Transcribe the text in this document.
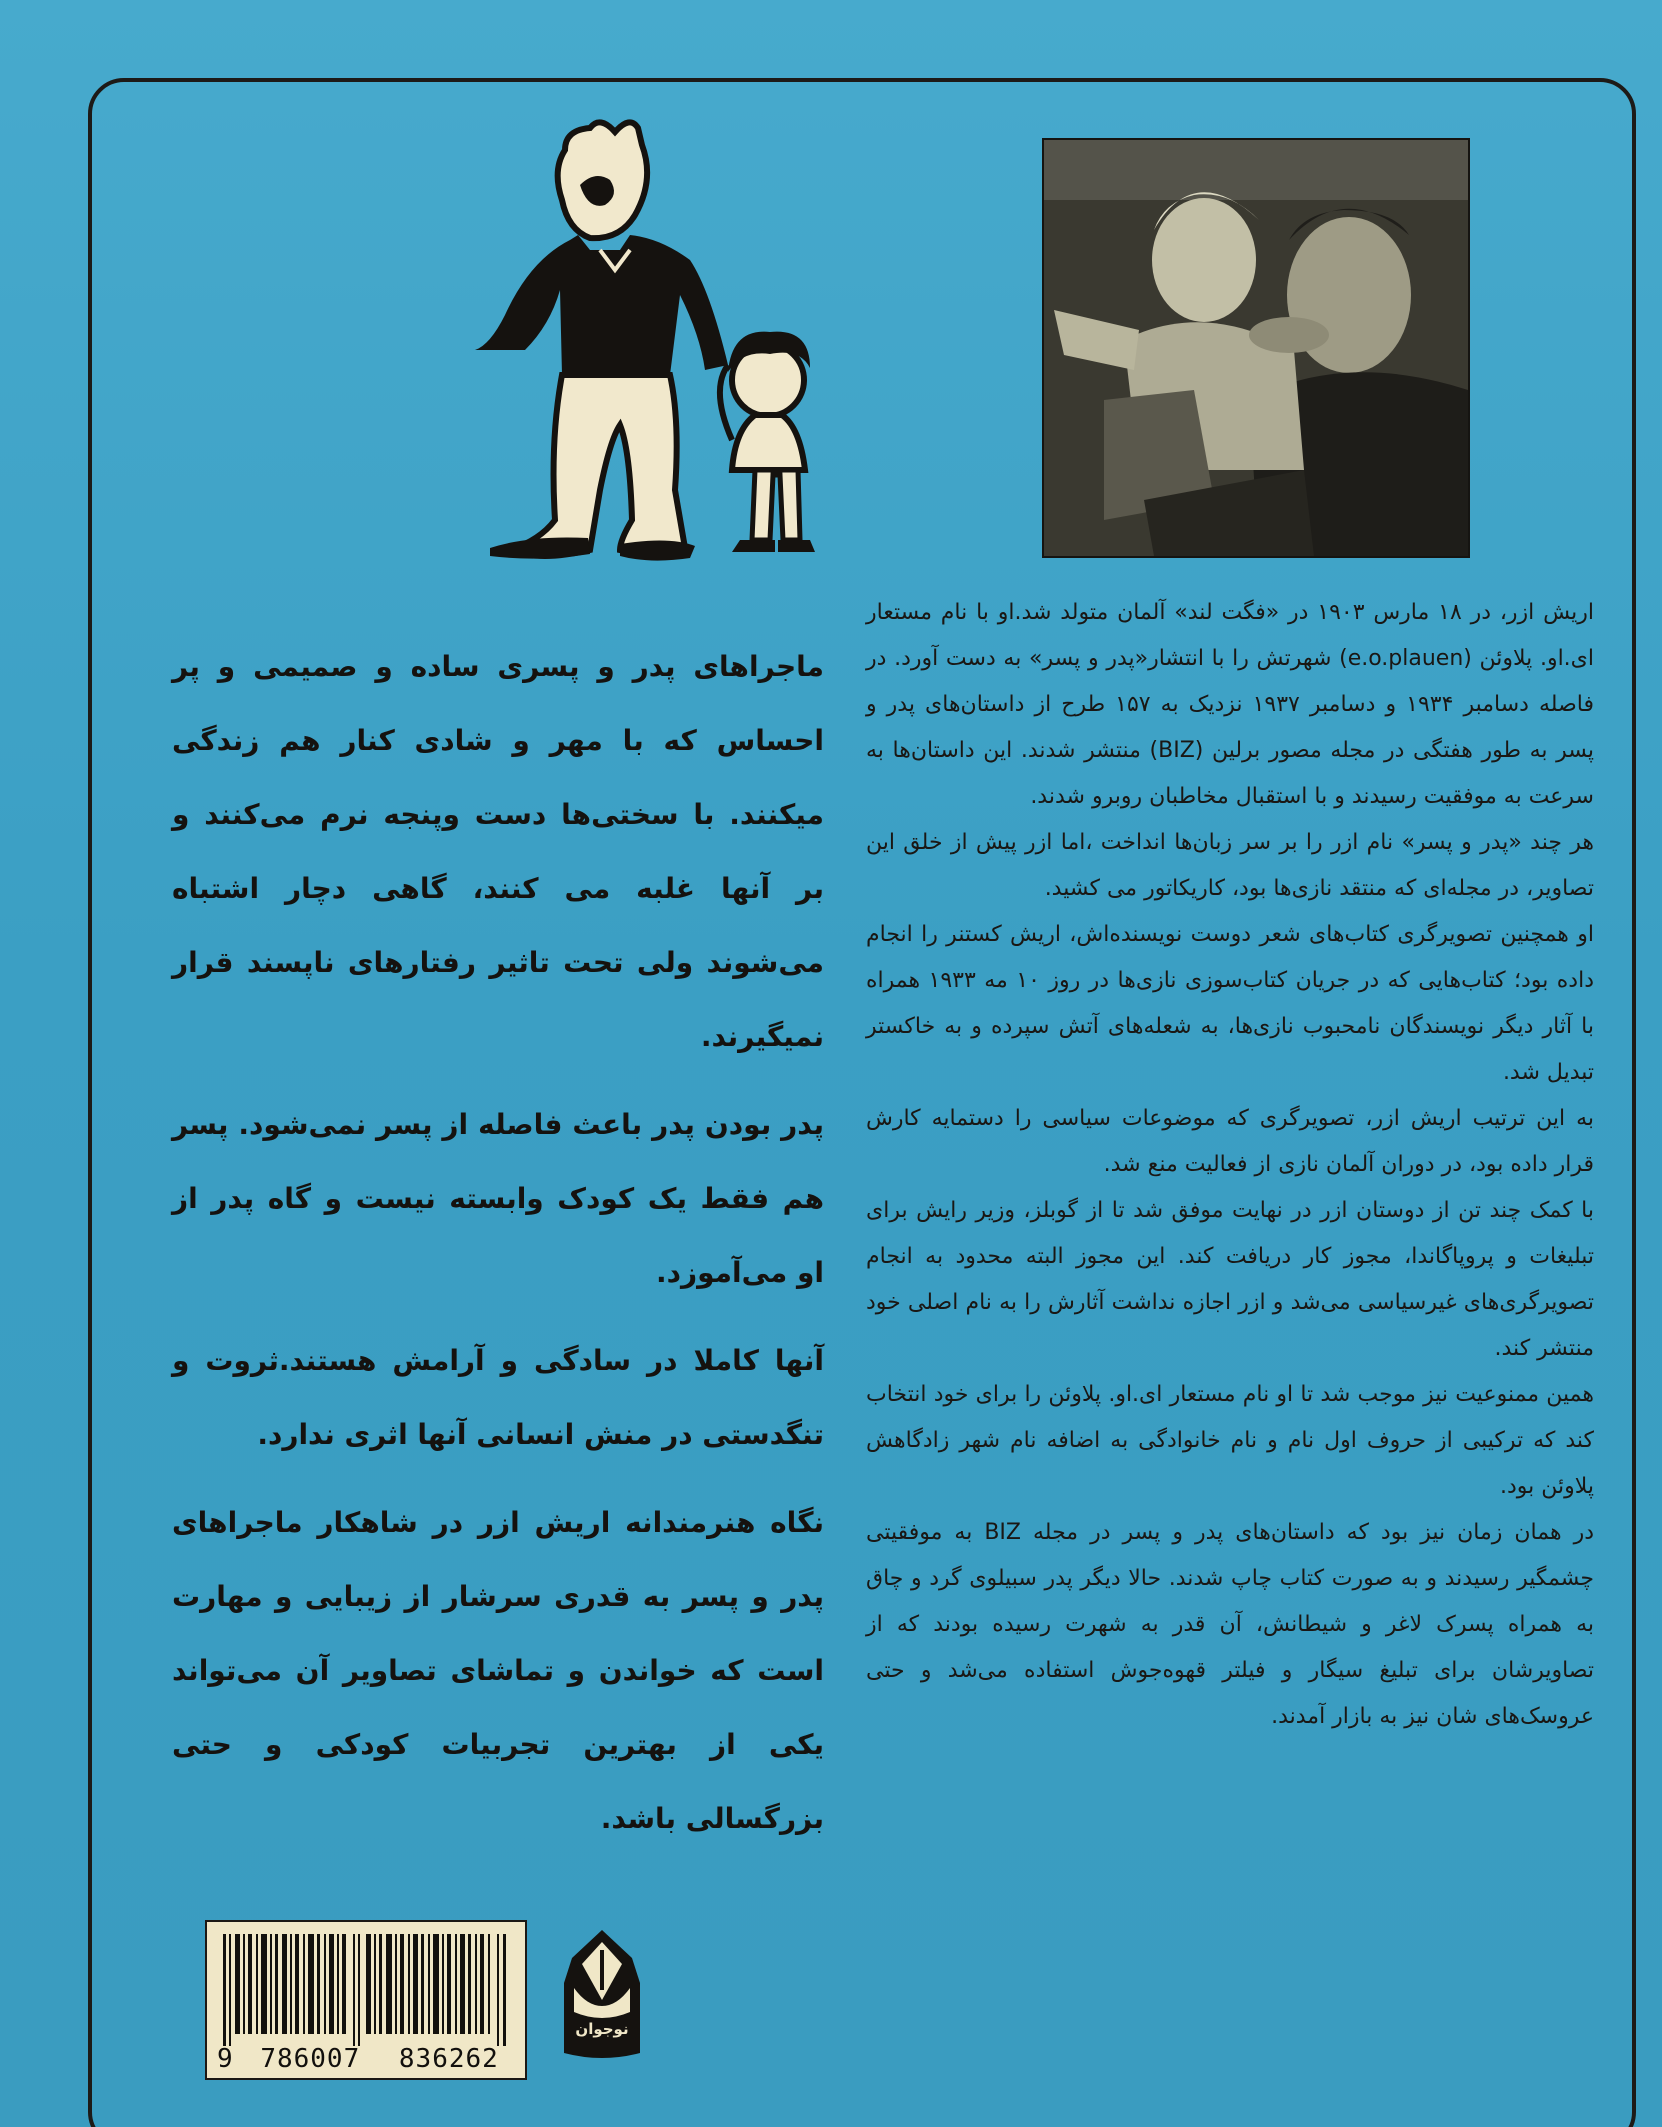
اریش ازر، در ۱۸ مارس ۱۹۰۳ در «فگت لند» آلمان متولد شد.او با نام مستعار ای.او. پلاوئن (e.o.plauen) شهرتش را با انتشار«پدر و پسر» به دست آورد. در فاصله دسامبر ۱۹۳۴ و دسامبر ۱۹۳۷ نزدیک به ۱۵۷ طرح از داستان‌های پدر و پسر به طور هفتگی در مجله مصور برلین (BIZ) منتشر شدند. این داستان‌ها به سرعت به موفقیت رسیدند و با استقبال مخاطبان روبرو شدند.

هر چند «پدر و پسر» نام ازر را بر سر زبان‌ها انداخت ،اما ازر پیش از خلق این تصاویر، در مجله‌ای که منتقد نازی‌ها بود، کاریکاتور می کشید.

او همچنین تصویرگری کتاب‌های شعر دوست نویسنده‌اش، اریش کستنر را انجام داده بود؛ کتاب‌هایی که در جریان کتاب‌سوزی نازی‌ها در روز ۱۰ مه ۱۹۳۳ همراه با آثار دیگر نویسندگان نامحبوب نازی‌ها، به شعله‌های آتش سپرده و به خاکستر تبدیل شد.

به این ترتیب اریش ازر، تصویرگری که موضوعات سیاسی را دستمایه کارش قرار داده بود، در دوران آلمان نازی از فعالیت منع شد.

با کمک چند تن از دوستان ازر در نهایت موفق شد تا از گوبلز، وزیر رایش برای تبلیغات و پروپاگاندا، مجوز کار دریافت کند. این مجوز البته محدود به انجام تصویرگری‌های غیرسیاسی می‌شد و ازر اجازه نداشت آثارش را به نام اصلی خود منتشر کند.

همین ممنوعیت نیز موجب شد تا او نام مستعار ای.او. پلاوئن را برای خود انتخاب کند که ترکیبی از حروف اول نام و نام خانوادگی به اضافه نام شهر زادگاهش پلاوئن بود.

در همان زمان نیز بود که داستان‌های پدر و پسر در مجله BIZ به موفقیتی چشمگیر رسیدند و به صورت کتاب چاپ شدند. حالا دیگر پدر سبیلوی گرد و چاق به همراه پسرک لاغر و شیطانش، آن قدر به شهرت رسیده بودند که از تصاویرشان برای تبلیغ سیگار و فیلتر قهوه‌جوش استفاده می‌شد و حتی عروسک‌های شان نیز به بازار آمدند.

ماجراهای پدر و پسری ساده و صمیمی و پر احساس که با مهر و شادی کنار هم زندگی میکنند. با سختی‌ها دست وپنجه نرم می‌کنند و بر آنها غلبه می کنند، گاهی دچار اشتباه می‌شوند ولی تحت تاثیر رفتارهای ناپسند قرار نمیگیرند.

پدر بودن پدر باعث فاصله از پسر نمی‌شود. پسر هم فقط یک کودک وابسته نیست و گاه پدر از او می‌آموزد.

آنها کاملا در سادگی و آرامش هستند.ثروت و تنگدستی در منش انسانی آنها اثری ندارد.

نگاه هنرمندانه اریش ازر در شاهکار ماجراهای پدر و پسر به قدری سرشار از زیبایی و مهارت است که خواندن و تماشای تصاویر آن می‌تواند یکی از بهترین تجربیات کودکی و حتی بزرگسالی باشد.

9 786007 836262
نوجوان
